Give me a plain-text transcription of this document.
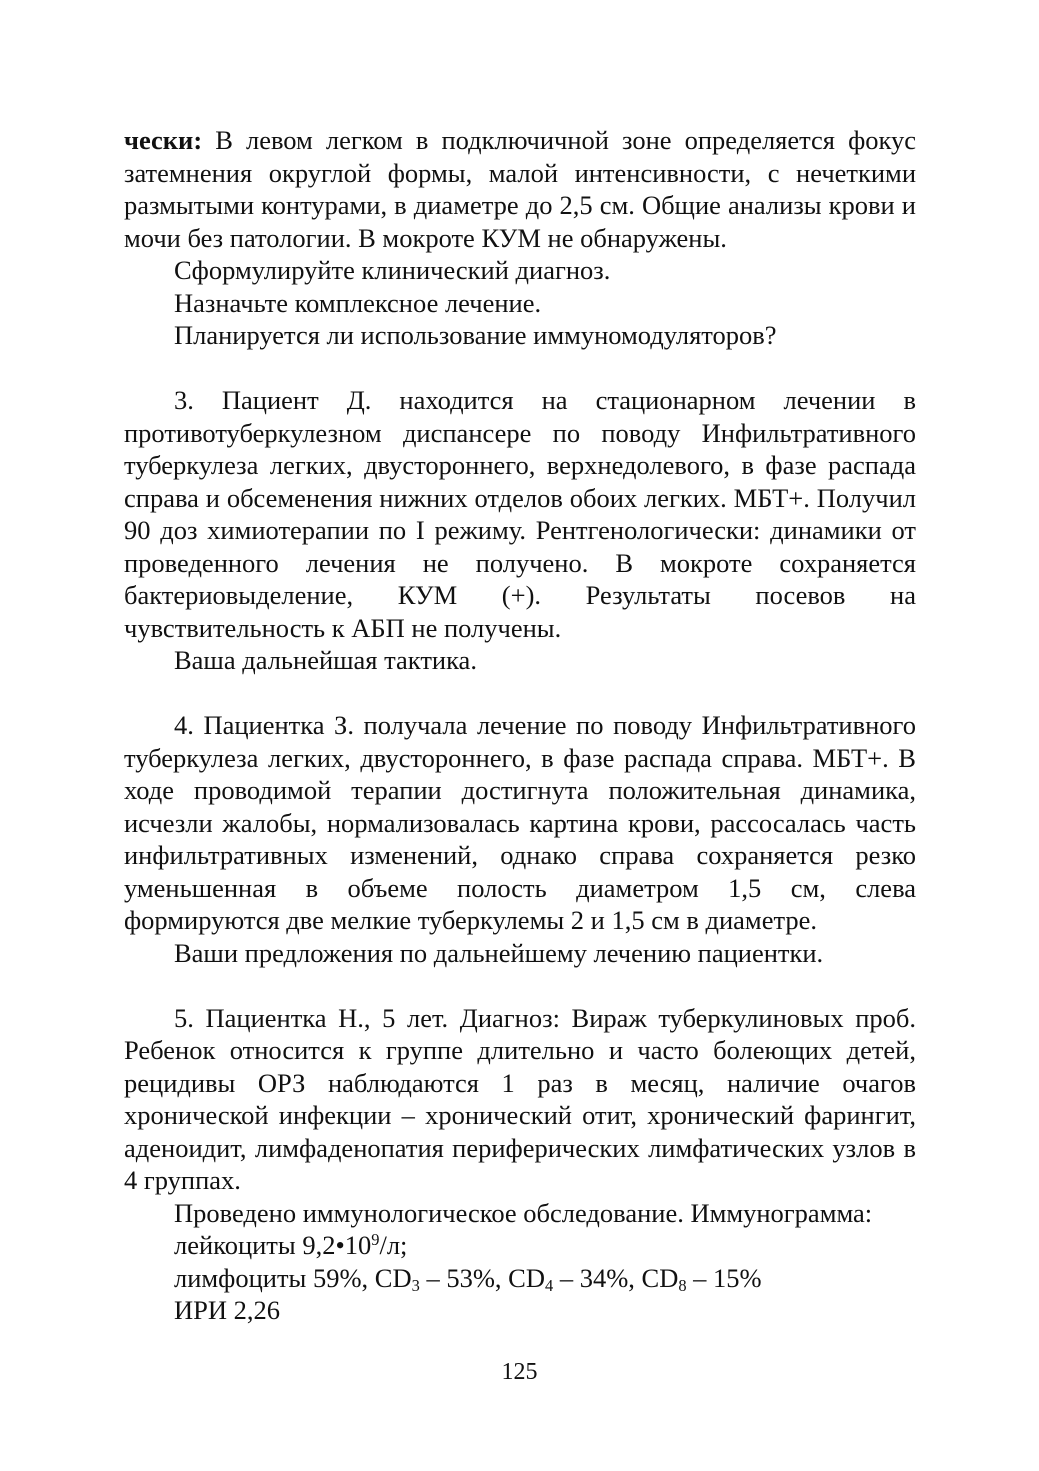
чески: В левом легком в подключичной зоне определяется фокус затемнения округлой формы, малой интенсивности, с нечеткими размытыми контурами, в диаметре до 2,5 см. Общие анализы крови и мочи без патологии. В мокроте КУМ не обнаружены.

Сформулируйте клинический диагноз.

Назначьте комплексное лечение.

Планируется ли использование иммуномодуляторов?

3. Пациент Д. находится на стационарном лечении в противотуберкулезном диспансере по поводу Инфильтративного туберкулеза легких, двустороннего, верхнедолевого, в фазе распада справа и обсеменения нижних отделов обоих легких. МБТ+. Получил 90 доз химиотерапии по I режиму. Рентгенологически: динамики от проведенного лечения не получено. В мокроте сохраняется бактериовыделение, КУМ (+). Результаты посевов на чувствительность к АБП не получены.

Ваша дальнейшая тактика.

4. Пациентка З. получала лечение по поводу Инфильтративного туберкулеза легких, двустороннего, в фазе распада справа. МБТ+. В ходе проводимой терапии достигнута положительная динамика, исчезли жалобы, нормализовалась картина крови, рассосалась часть инфильтративных изменений, однако справа сохраняется резко уменьшенная в объеме полость диаметром 1,5 см, слева формируются две мелкие туберкулемы 2 и 1,5 см в диаметре.

Ваши предложения по дальнейшему лечению пациентки.

5. Пациентка Н., 5 лет. Диагноз: Вираж туберкулиновых проб. Ребенок относится к группе длительно и часто болеющих детей, рецидивы ОРЗ наблюдаются 1 раз в месяц, наличие очагов хронической инфекции – хронический отит, хронический фарингит, аденоидит, лимфаденопатия периферических лимфатических узлов в 4 группах.

Проведено иммунологическое обследование. Иммунограмма:

лейкоциты $9,2•10^9/л$;

лимфоциты 59%, $CD_3 - 53\%$, $CD_4 - 34\%$, $CD_8 - 15\%$

ИРИ 2,26

125
